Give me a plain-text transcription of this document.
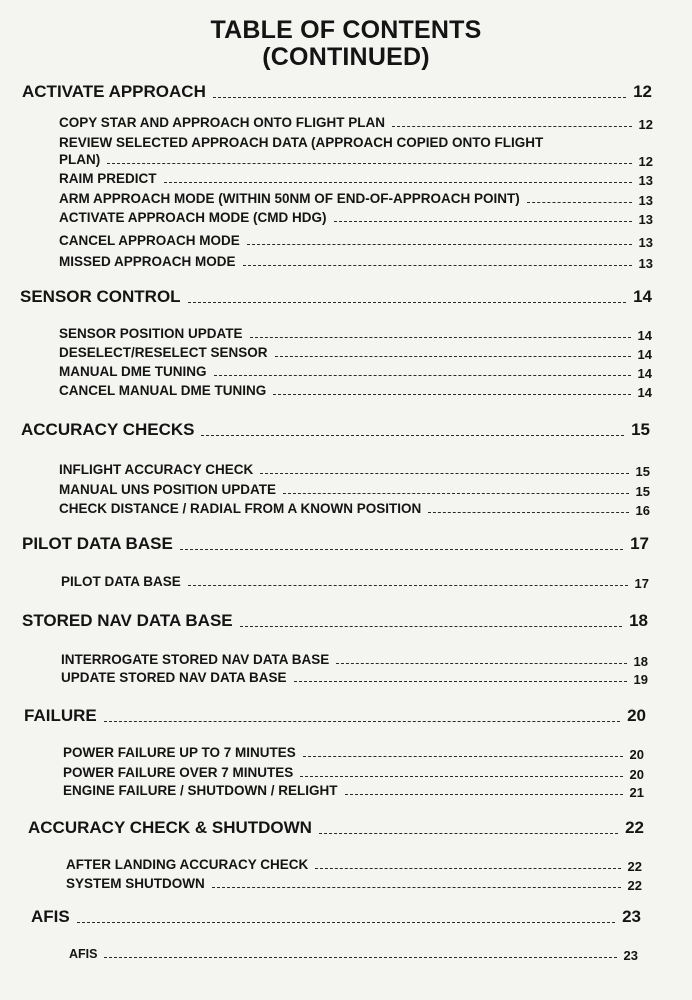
TABLE OF CONTENTS
(CONTINUED)
ACTIVATE APPROACH	12
COPY STAR AND APPROACH ONTO FLIGHT PLAN	12
REVIEW SELECTED APPROACH DATA (APPROACH COPIED ONTO FLIGHT
PLAN)	12
RAIM PREDICT	13
ARM APPROACH MODE (WITHIN 50NM OF END-OF-APPROACH POINT)	13
ACTIVATE APPROACH MODE (CMD HDG)	13
CANCEL APPROACH MODE	13
MISSED APPROACH MODE	13
SENSOR CONTROL	14
SENSOR POSITION UPDATE	14
DESELECT/RESELECT SENSOR	14
MANUAL DME TUNING	14
CANCEL MANUAL DME TUNING	14
ACCURACY CHECKS	15
INFLIGHT ACCURACY CHECK	15
MANUAL UNS POSITION UPDATE	15
CHECK DISTANCE / RADIAL FROM A KNOWN POSITION	16
PILOT DATA BASE	17
PILOT DATA BASE	17
STORED NAV DATA BASE	18
INTERROGATE STORED NAV DATA BASE	18
UPDATE STORED NAV DATA BASE	19
FAILURE	20
POWER FAILURE UP TO 7 MINUTES	20
POWER FAILURE OVER 7 MINUTES	20
ENGINE FAILURE / SHUTDOWN / RELIGHT	21
ACCURACY CHECK & SHUTDOWN	22
AFTER LANDING ACCURACY CHECK	22
SYSTEM SHUTDOWN	22
AFIS	23
AFIS	23
